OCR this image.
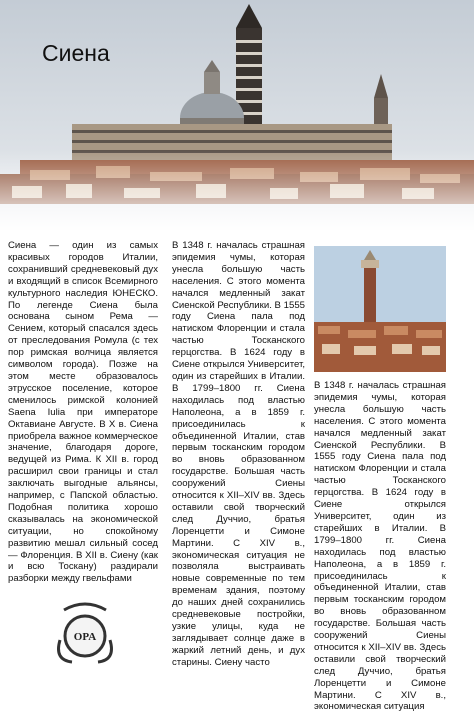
Сиена

Сиена — один из самых красивых городов Италии, сохранивший средневековый дух и входящий в список Всемирного культурного наследия ЮНЕСКО. По легенде Сиена была основана сыном Рема — Сением, который спасался здесь от преследования Ромула (с тех пор римская волчица является символом города). Позже на этом месте образовалось этрусское поселение, которое сменилось римской колонией Saena Iulia при императоре Октавиане Августе. В X в. Сиена приобрела важное коммерческое значение, благодаря дороге, ведущей из Рима. К XII в. город расширил свои границы и стал заключать выгодные альянсы, например, с Папской областью. Подобная политика хорошо сказывалась на экономической ситуации, но спокойному развитию мешал сильный сосед — Флоренция. В XII в. Сиену (как и всю Тоскану) раздирали разборки между гвельфами

В 1348 г. началась страшная эпидемия чумы, которая унесла большую часть населения. С этого момента начался медленный закат Сиенской Республики. В 1555 году Сиена пала под натиском Флоренции и стала частью Тосканского герцогства. В 1624 году в Сиене открылся Университет, один из старейших в Италии. В 1799–1800 гг. Сиена находилась под властью Наполеона, а в 1859 г. присоединилась к объединенной Италии, став первым тосканским городом во вновь образованном государстве. Большая часть сооружений Сиены относится к XII–XIV вв. Здесь оставили свой творческий след Дуччио, братья Лоренцетти и Симоне Мартини. С XIV в., экономическая ситуация не позволяла выстраивать новые современные по тем временам здания, поэтому до наших дней сохранились средневековые постройки, узкие улицы, куда не заглядывает солнце даже в жаркий летний день, и дух старины. Сиену часто

В 1348 г. началась страшная эпидемия чумы, которая унесла большую часть населения. С этого момента начался медленный закат Сиенской Республики. В 1555 году Сиена пала под натиском Флоренции и стала частью Тосканского герцогства. В 1624 году в Сиене открылся Университет, один из старейших в Италии. В 1799–1800 гг. Сиена находилась под властью Наполеона, а в 1859 г. присоединилась к объединенной Италии, став первым тосканским городом во вновь образованном государстве. Большая часть сооружений Сиены относится к XII–XIV вв. Здесь оставили свой творческий след Дуччио, братья Лоренцетти и Симоне Мартини. С XIV в., экономическая ситуация

OPA
